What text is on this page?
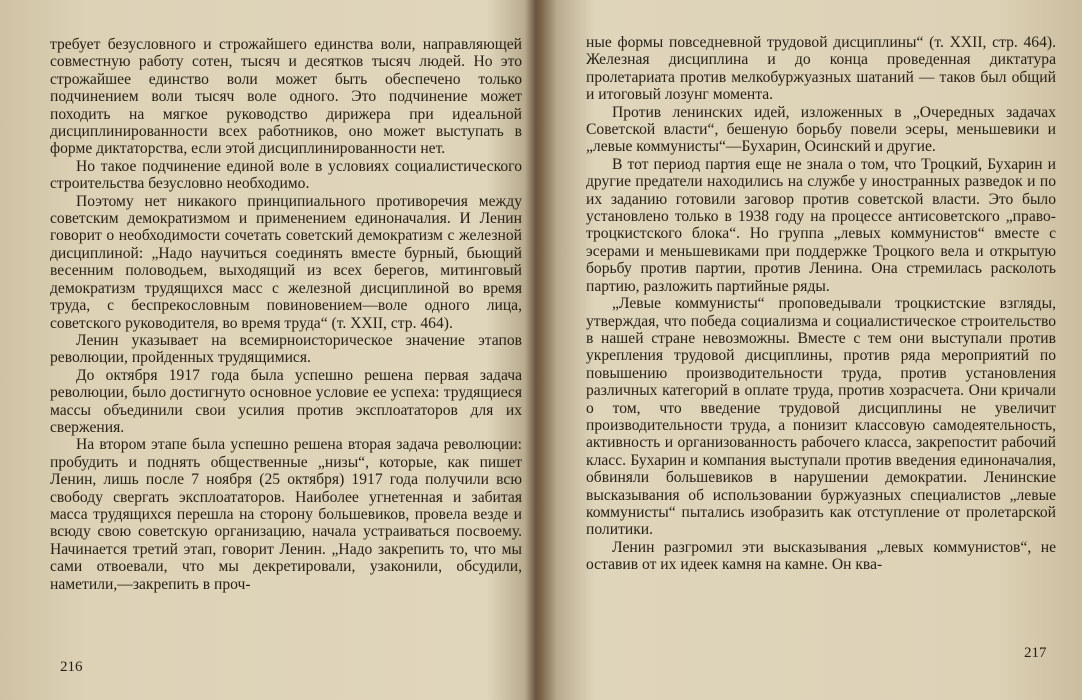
требует безусловного и строжайшего единства воли, направляющей совместную работу сотен, тысяч и десятков тысяч людей. Но это строжайшее единство воли может быть обеспечено только подчинением воли тысяч воле одного. Это подчинение может походить на мягкое руководство дирижера при идеальной дисциплинированности всех работников, оно может выступать в форме диктаторства, если этой дисциплинированности нет.

Но такое подчинение единой воле в условиях социалистического строительства безусловно необходимо.

Поэтому нет никакого принципиального противоречия между советским демократизмом и применением единоначалия. И Ленин говорит о необходимости сочетать советский демократизм с железной дисциплиной: „Надо научиться соединять вместе бурный, бьющий весенним половодьем, выходящий из всех берегов, митинговый демократизм трудящихся масс с железной дисциплиной во время труда, с беспрекословным повиновением—воле одного лица, советского руководителя, во время труда“ (т. XXII, стр. 464).

Ленин указывает на всемирноисторическое значение этапов революции, пройденных трудящимися.

До октября 1917 года была успешно решена первая задача революции, было достигнуто основное условие ее успеха: трудящиеся массы объединили свои усилия против эксплоататоров для их свержения.

На втором этапе была успешно решена вторая задача революции: пробудить и поднять общественные „низы“, которые, как пишет Ленин, лишь после 7 ноября (25 октября) 1917 года получили всю свободу свергать эксплоататоров. Наиболее угнетенная и забитая масса трудящихся перешла на сторону большевиков, провела везде и всюду свою советскую организацию, начала устраиваться посвоему. Начинается третий этап, говорит Ленин. „Надо закрепить то, что мы сами отвоевали, что мы декретировали, узаконили, обсудили, наметили,—закрепить в проч-

216

ные формы повседневной трудовой дисциплины“ (т. XXII, стр. 464). Железная дисциплина и до конца проведенная диктатура пролетариата против мелкобуржуазных шатаний — таков был общий и итоговый лозунг момента.

Против ленинских идей, изложенных в „Очередных задачах Советской власти“, бешеную борьбу повели эсеры, меньшевики и „левые коммунисты“—Бухарин, Осинский и другие.

В тот период партия еще не знала о том, что Троцкий, Бухарин и другие предатели находились на службе у иностранных разведок и по их заданию готовили заговор против советской власти. Это было установлено только в 1938 году на процессе антисоветского „право-троцкистского блока“. Но группа „левых коммунистов“ вместе с эсерами и меньшевиками при поддержке Троцкого вела и открытую борьбу против партии, против Ленина. Она стремилась расколоть партию, разложить партийные ряды.

„Левые коммунисты“ проповедывали троцкистские взгляды, утверждая, что победа социализма и социалистическое строительство в нашей стране невозможны. Вместе с тем они выступали против укрепления трудовой дисциплины, против ряда мероприятий по повышению производительности труда, против установления различных категорий в оплате труда, против хозрасчета. Они кричали о том, что введение трудовой дисциплины не увеличит производительности труда, а понизит классовую самодеятельность, активность и организованность рабочего класса, закрепостит рабочий класс. Бухарин и компания выступали против введения единоначалия, обвиняли большевиков в нарушении демократии. Ленинские высказывания об использовании буржуазных специалистов „левые коммунисты“ пытались изобразить как отступление от пролетарской политики.

Ленин разгромил эти высказывания „левых коммунистов“, не оставив от их идеек камня на камне. Он ква-

217
